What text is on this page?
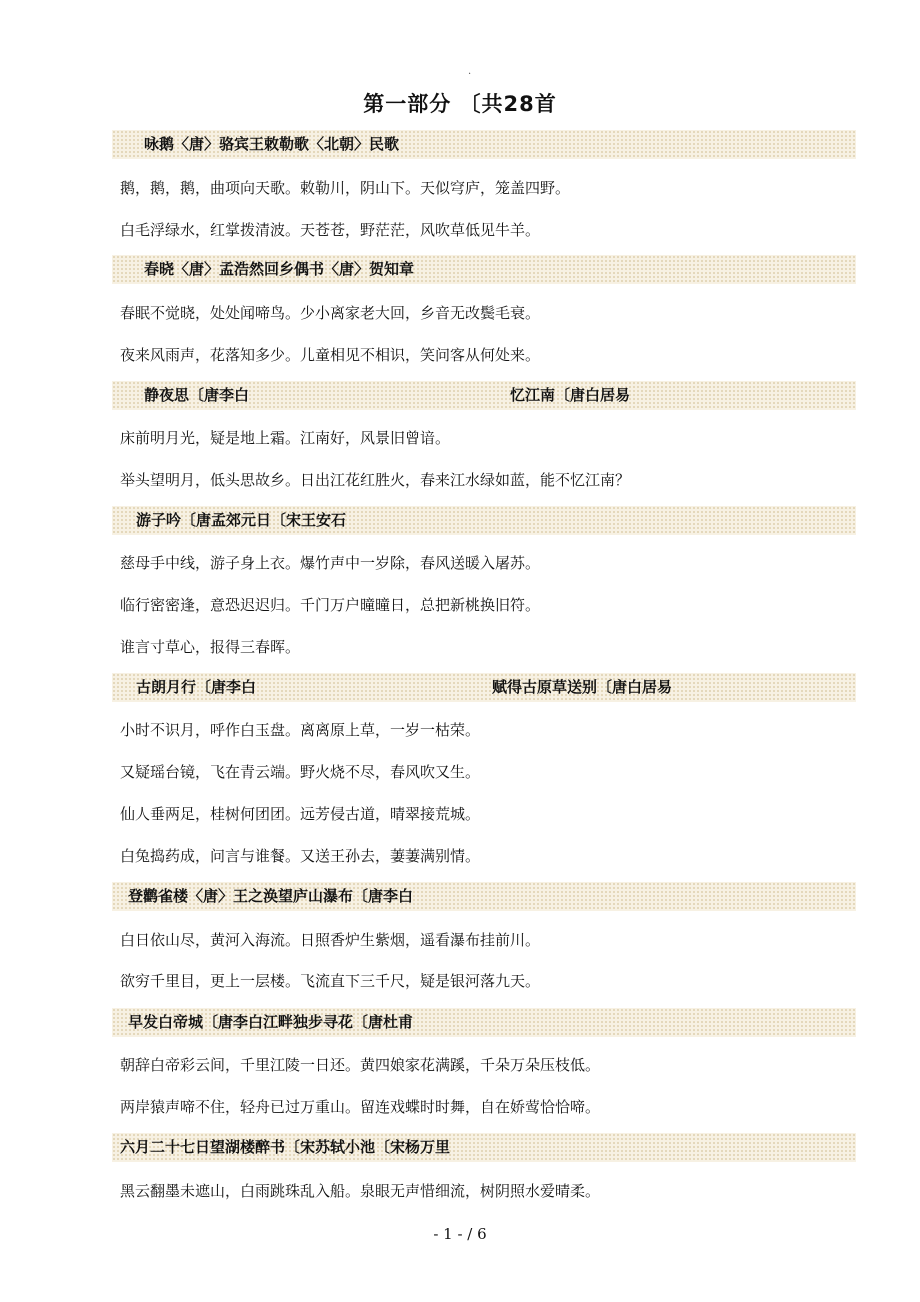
.
第一部分 〔共28首
咏鹅〈唐〉骆宾王敕勒歌〈北朝〉民歌
鹅，鹅，鹅，曲项向天歌。敕勒川，阴山下。天似穹庐，笼盖四野。
白毛浮绿水，红掌拨清波。天苍苍，野茫茫，风吹草低见牛羊。
春晓〈唐〉孟浩然回乡偶书〈唐〉贺知章
春眠不觉晓，处处闻啼鸟。少小离家老大回，乡音无改鬓毛衰。
夜来风雨声，花落知多少。儿童相见不相识，笑问客从何处来。
静夜思〔唐李白	忆江南〔唐白居易
床前明月光，疑是地上霜。江南好，风景旧曾谙。
举头望明月，低头思故乡。日出江花红胜火，春来江水绿如蓝，能不忆江南？
游子吟〔唐孟郊元日〔宋王安石
慈母手中线，游子身上衣。爆竹声中一岁除，春风送暖入屠苏。
临行密密逢，意恐迟迟归。千门万户曈曈日，总把新桃换旧符。
谁言寸草心，报得三春晖。
古朗月行〔唐李白	赋得古原草送别〔唐白居易
小时不识月，呼作白玉盘。离离原上草，一岁一枯荣。
又疑瑶台镜，飞在青云端。野火烧不尽，春风吹又生。
仙人垂两足，桂树何团团。远芳侵古道，晴翠接荒城。
白兔捣药成，问言与谁餐。又送王孙去，萋萋满别情。
登鹳雀楼〈唐〉王之涣望庐山瀑布〔唐李白
白日依山尽，黄河入海流。日照香炉生紫烟，遥看瀑布挂前川。
欲穷千里目，更上一层楼。飞流直下三千尺，疑是银河落九天。
早发白帝城〔唐李白江畔独步寻花〔唐杜甫
朝辞白帝彩云间，千里江陵一日还。黄四娘家花满蹊，千朵万朵压枝低。
两岸猿声啼不住，轻舟已过万重山。留连戏蝶时时舞，自在娇莺恰恰啼。
六月二十七日望湖楼醉书〔宋苏轼小池〔宋杨万里
黑云翻墨未遮山，白雨跳珠乱入船。泉眼无声惜细流，树阴照水爱晴柔。
- 1 - / 6
